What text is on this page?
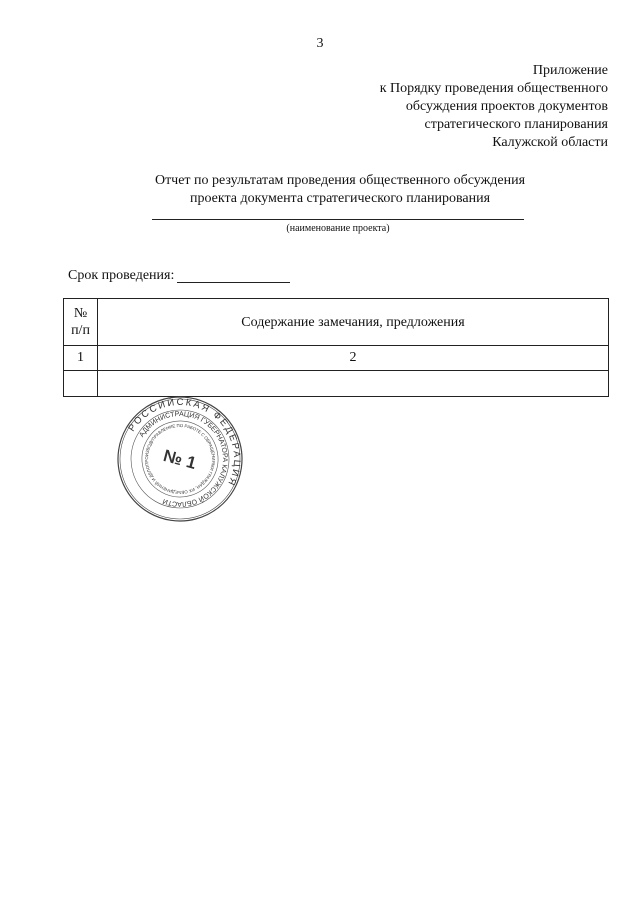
3
Приложение
к Порядку проведения общественного
обсуждения проектов документов
стратегического планирования
Калужской области
Отчет по результатам проведения общественного обсуждения
проекта документа стратегического планирования
(наименование проекта)
Срок проведения:
№
п/п	Содержание замечания, предложения
1	2

РОССИЙСКАЯ ФЕДЕРАЦИЯ
АДМИНИСТРАЦИЯ ГУБЕРНАТОРА КАЛУЖСКОЙ ОБЛАСТИ
УПРАВЛЕНИЕ ПО РАБОТЕ С ОБРАЩЕНИЯМИ ГРАЖДАН, ИХ ОБЪЕДИНЕНИЙ И ДЕЛОПРОИЗВОДСТВА
№ 1
